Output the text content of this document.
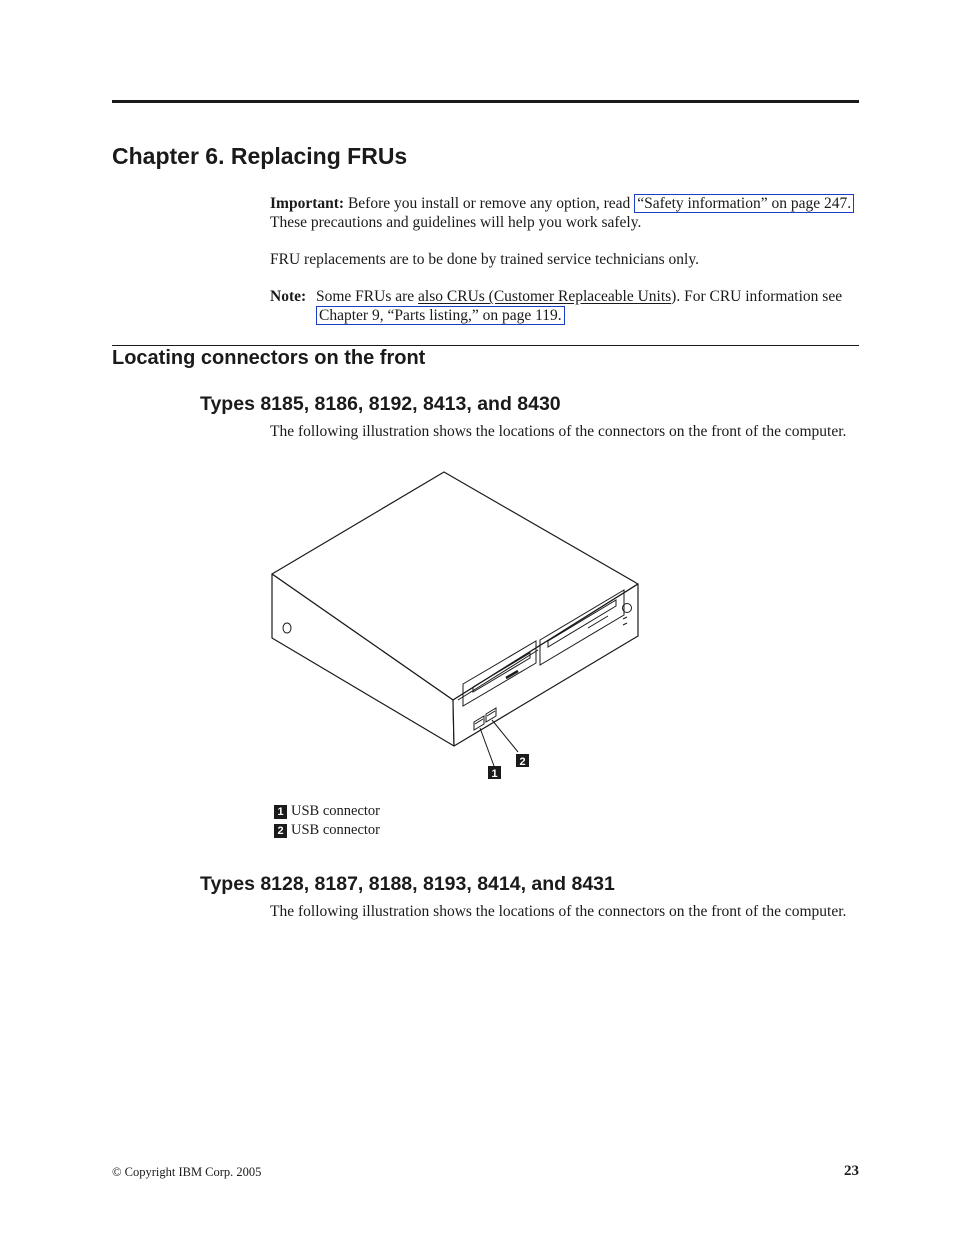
Chapter 6. Replacing FRUs
Important: Before you install or remove any option, read “Safety information” on page 247. These precautions and guidelines will help you work safely.
FRU replacements are to be done by trained service technicians only.
Note: Some FRUs are also CRUs (Customer Replaceable Units). For CRU information see Chapter 9, “Parts listing,” on page 119.
Locating connectors on the front
Types 8185, 8186, 8192, 8413, and 8430
The following illustration shows the locations of the connectors on the front of the computer.
1
2
1 USB connector
2 USB connector
Types 8128, 8187, 8188, 8193, 8414, and 8431
The following illustration shows the locations of the connectors on the front of the computer.
© Copyright IBM Corp. 2005	23
